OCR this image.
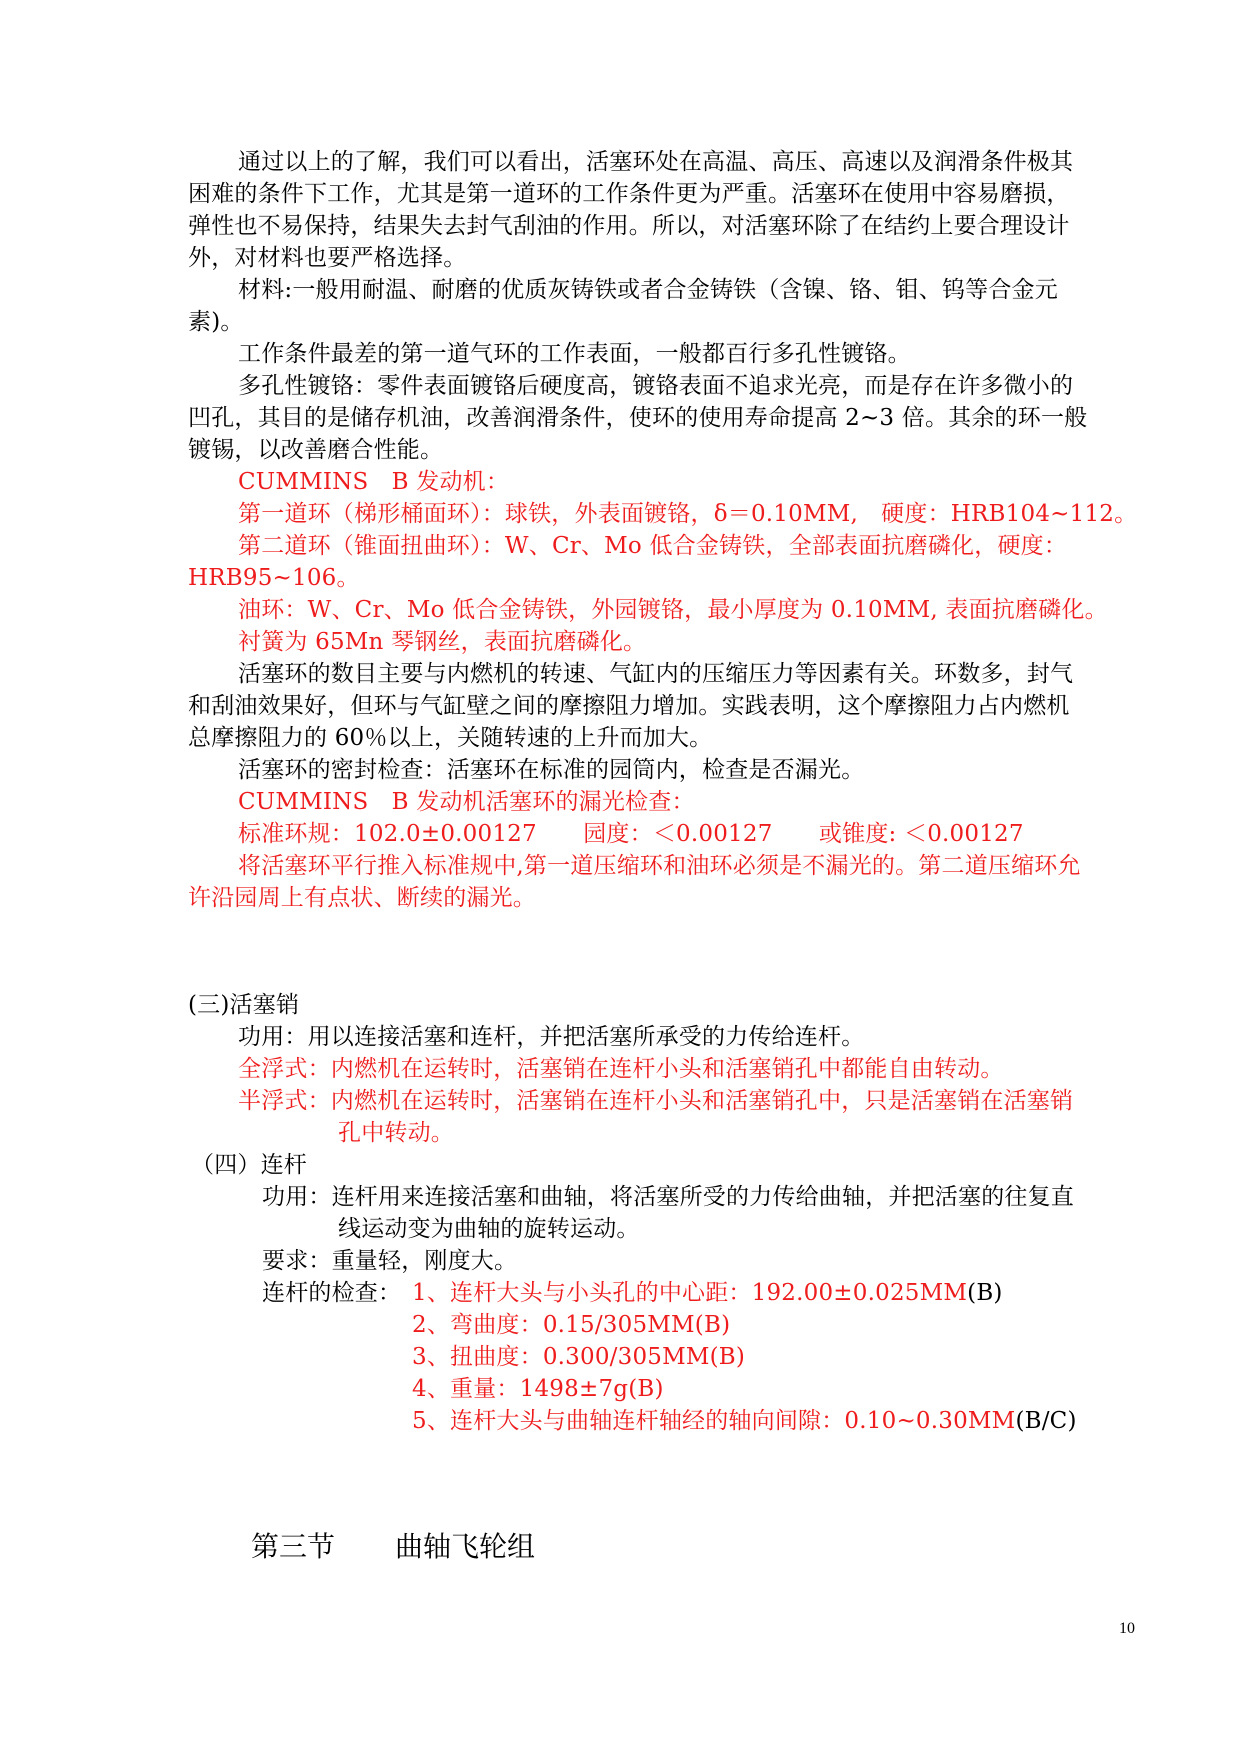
通过以上的了解，我们可以看出，活塞环处在高温、高压、高速以及润滑条件极其

困难的条件下工作，尤其是第一道环的工作条件更为严重。活塞环在使用中容易磨损，

弹性也不易保持，结果失去封气刮油的作用。所以，对活塞环除了在结约上要合理设计

外，对材料也要严格选择。

材料:一般用耐温、耐磨的优质灰铸铁或者合金铸铁（含镍、铬、钼、钨等合金元

素)。

工作条件最差的第一道气环的工作表面，一般都百行多孔性镀铬。

多孔性镀铬：零件表面镀铬后硬度高，镀铬表面不追求光亮，而是存在许多微小的

凹孔，其目的是储存机油，改善润滑条件，使环的使用寿命提高 2~3 倍。其余的环一般

镀锡，以改善磨合性能。

CUMMINS　B 发动机：

第一道环（梯形桶面环）：球铁，外表面镀铬，δ＝0.10MM,　硬度：HRB104~112。

第二道环（锥面扭曲环）：W、Cr、Mo 低合金铸铁，全部表面抗磨磷化，硬度：

HRB95~106。

油环：W、Cr、Mo 低合金铸铁，外园镀铬，最小厚度为 0.10MM, 表面抗磨磷化。

衬簧为 65Mn 琴钢丝，表面抗磨磷化。

活塞环的数目主要与内燃机的转速、气缸内的压缩压力等因素有关。环数多，封气

和刮油效果好，但环与气缸壁之间的摩擦阻力增加。实践表明，这个摩擦阻力占内燃机

总摩擦阻力的 60％以上，关随转速的上升而加大。

活塞环的密封检查：活塞环在标准的园筒内，检查是否漏光。

CUMMINS　B 发动机活塞环的漏光检查：

标准环规：102.0±0.00127　　园度：＜0.00127　　或锥度: ＜0.00127

将活塞环平行推入标准规中,第一道压缩环和油环必须是不漏光的。第二道压缩环允

许沿园周上有点状、断续的漏光。

(三)活塞销

功用：用以连接活塞和连杆，并把活塞所承受的力传给连杆。

全浮式：内燃机在运转时，活塞销在连杆小头和活塞销孔中都能自由转动。

半浮式：内燃机在运转时，活塞销在连杆小头和活塞销孔中，只是活塞销在活塞销

孔中转动。

（四）连杆

功用：连杆用来连接活塞和曲轴，将活塞所受的力传给曲轴，并把活塞的往复直

线运动变为曲轴的旋转运动。

要求：重量轻，刚度大。

连杆的检查： 1、连杆大头与小头孔的中心距：192.00±0.025MM(B)

2、弯曲度：0.15/305MM(B)

3、扭曲度：0.300/305MM(B)

4、重量：1498±7g(B)

5、连杆大头与曲轴连杆轴经的轴向间隙：0.10~0.30MM(B/C)

第三节 曲轴飞轮组

10
